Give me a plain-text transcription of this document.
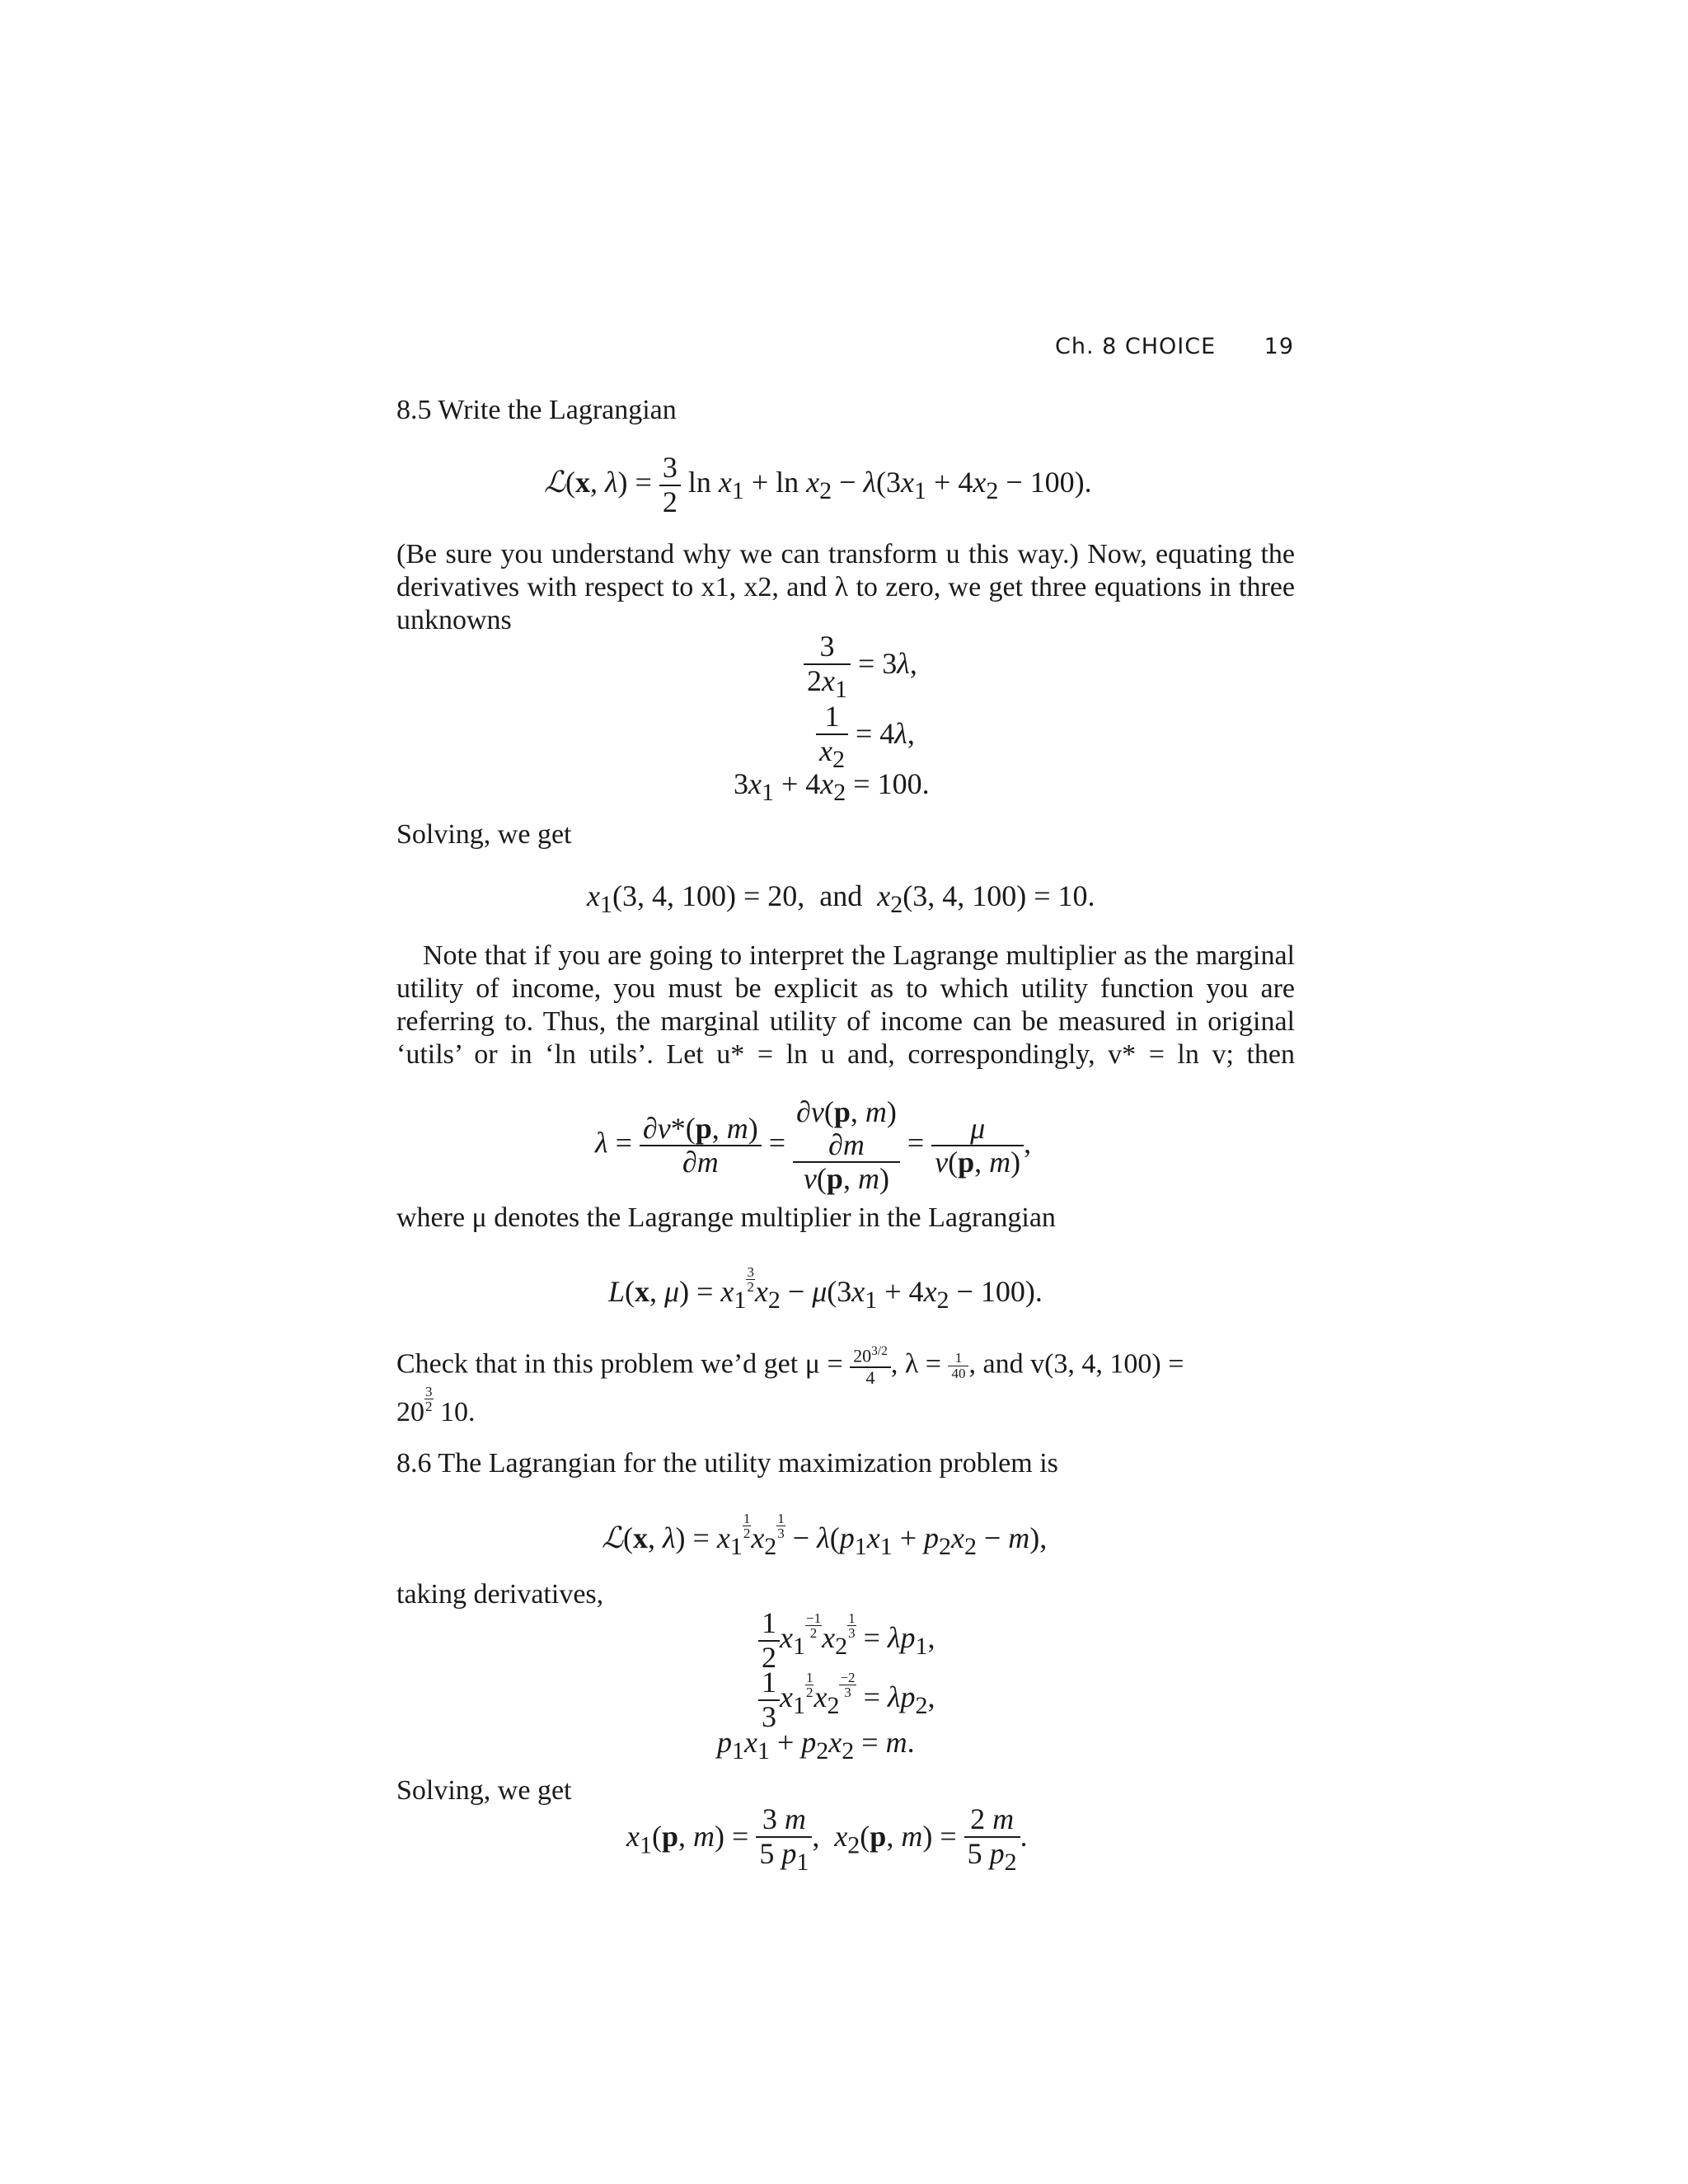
Ch. 8 CHOICE 19
8.5 Write the Lagrangian
ℒ(x, $\lambda) = \frac{3}{2}$ $\ln x_1 + \ln x_2 - \lambda(3x_1 + 4x_2 - 100)$.
(Be sure you understand why we can transform u this way.) Now, equating the derivatives with respect to x1, x2, and λ to zero, we get three equations in three unknowns
$\frac{3}{2x_1} = 3\lambda$,
$\frac{1}{x_2} = 4\lambda$,
$3x_1 + 4x_2 = 100$.
Solving, we get
$x_1(3$, 4, 100) = 20,  and  $x_2(3$, 4, 100) = 10.
Note that if you are going to interpret the Lagrange multiplier as the marginal utility of income, you must be explicit as to which utility function you are referring to. Thus, the marginal utility of income can be measured in original ‘utils’ or in ‘ln utils’. Let u* = ln u and, correspondingly, v* = ln v; then
$\lambda = \frac{\partial v*(p, m)}{\partial m}$ =
∂v(p, m)
∂m
v(p, m)
= $\frac{\mu}{v(p, m)}$ ,
where μ denotes the Lagrange multiplier in the Lagrangian
L(x, $\mu) = x_1$
$\frac{3}{2} x_2 - \mu(3x_1 + 4x_2 - 100)$.
Check that in this problem we’d get $\mu = \frac{20^{3/2}}{4}$ , $\lambda = \frac{1}{40}$ , and v(3, 4, 100) =
$20 \frac{3}{2} 10$.
8.6 The Lagrangian for the utility maximization problem is
ℒ(x, $\lambda) = x_1$
$\frac{1}{2} x_2$
$\frac{1}{3} - \lambda(p_1x_1 + p_2x_2 - m)$,
taking derivatives,
$\frac{1}{2} x_1$
$\frac{-1}{2} x_2$
$\frac{1}{3} = \lambda p_1$,
$\frac{1}{3} x_1$
$\frac{1}{2} x_2$
$\frac{-2}{3} = \lambda p_2$,
$p_1x_1 + p_2x_2 = m$.
Solving, we get
$x_1(p$, $m) = \frac{3 m}{5 p_1}$ ,  $x_2(p$, $m) = \frac{2 m}{5 p_2}$ .
